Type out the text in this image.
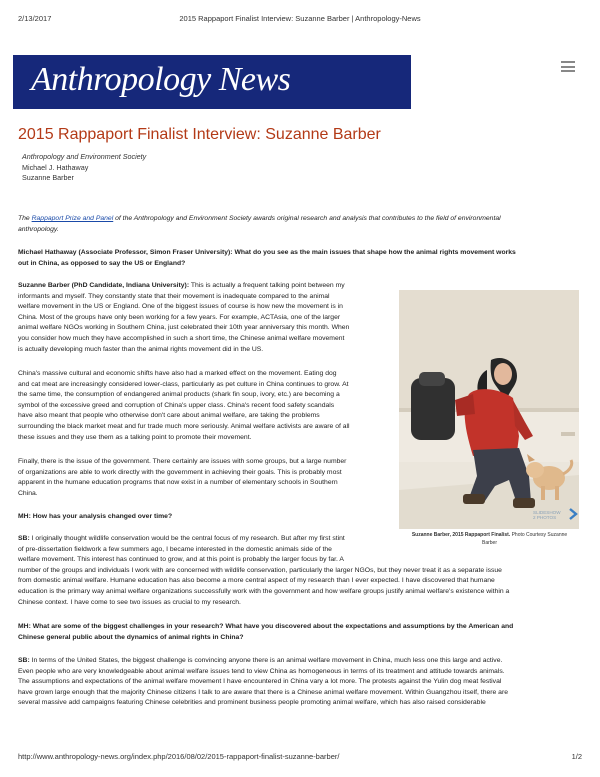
2/13/2017	2015 Rappaport Finalist Interview: Suzanne Barber | Anthropology-News
Anthropology News
2015 Rappaport Finalist Interview: Suzanne Barber
Anthropology and Environment Society
Michael J. Hathaway
Suzanne Barber
The Rappaport Prize and Panel of the Anthropology and Environment Society awards original research and analysis that contributes to the field of environmental
anthropology.
Michael Hathaway (Associate Professor, Simon Fraser University): What do you see as the main issues that shape how the animal rights movement works
out in China, as opposed to say the US or England?
Suzanne Barber (PhD Candidate, Indiana University): This is actually a frequent talking point between my
informants and myself. They constantly state that their movement is inadequate compared to the animal
welfare movement in the US or England. One of the biggest issues of course is how new the movement is in
China. Most of the groups have only been working for a few years. For example, ACTAsia, one of the larger
animal welfare NGOs working in Southern China, just celebrated their 10th year anniversary this month. When
you consider how much they have accomplished in such a short time, the Chinese animal welfare movement
is actually developing much faster than the animal rights movement did in the US.
China's massive cultural and economic shifts have also had a marked effect on the movement. Eating dog
and cat meat are increasingly considered lower-class, particularly as pet culture in China continues to grow. At
the same time, the consumption of endangered animal products (shark fin soup, ivory, etc.) are becoming a
symbol of the excessive greed and corruption of China's upper class. China's recent food safety scandals
have also meant that people who otherwise don't care about animal welfare, are taking the problems
surrounding the black market meat and fur trade much more seriously. Animal welfare activists are aware of all
these issues and they use them as a talking point to promote their movement.
Finally, there is the issue of the government. There certainly are issues with some groups, but a large number
of organizations are able to work directly with the government in achieving their goals. This is probably most
apparent in the humane education programs that now exist in a number of elementary schools in Southern
China.
MH: How has your analysis changed over time?
SB: I originally thought wildlife conservation would be the central focus of my research. But after my first stint
of pre-dissertation fieldwork a few summers ago, I became interested in the domestic animals side of the
welfare movement. This interest has continued to grow, and at this point is probably the larger focus by far. A
number of the groups and individuals I work with are concerned with wildlife conservation, particularly the larger NGOs, but they never treat it as a separate issue
from domestic animal welfare. Humane education has also become a more central aspect of my research than I ever expected. I have discovered that humane
education is the primary way animal welfare organizations successfully work with the government and how welfare groups justify animal welfare's existence within a
Chinese context. I have come to see two issues as crucial to my research.
MH: What are some of the biggest challenges in your research? What have you discovered about the expectations and assumptions by the American and
Chinese general public about the dynamics of animal rights in China?
SB: In terms of the United States, the biggest challenge is convincing anyone there is an animal welfare movement in China, much less one this large and active.
Even people who are very knowledgeable about animal welfare issues tend to view China as homogeneous in terms of its treatment and attitude towards animals.
The assumptions and expectations of the animal welfare movement I have encountered in China vary a lot more. The protests against the Yulin dog meat festival
have grown large enough that the majority Chinese citizens I talk to are aware that there is a Chinese animal welfare movement. Within Guangzhou itself, there are
several massive add campaigns featuring Chinese celebrities and prominent business people promoting animal welfare, which has also raised considerable
SLIDESHOW
2 PHOTOS
Suzanne Barber, 2015 Rappaport Finalist. Photo Courtesy Suzanne
Barber
http://www.anthropology-news.org/index.php/2016/08/02/2015-rappaport-finalist-suzanne-barber/	1/2
